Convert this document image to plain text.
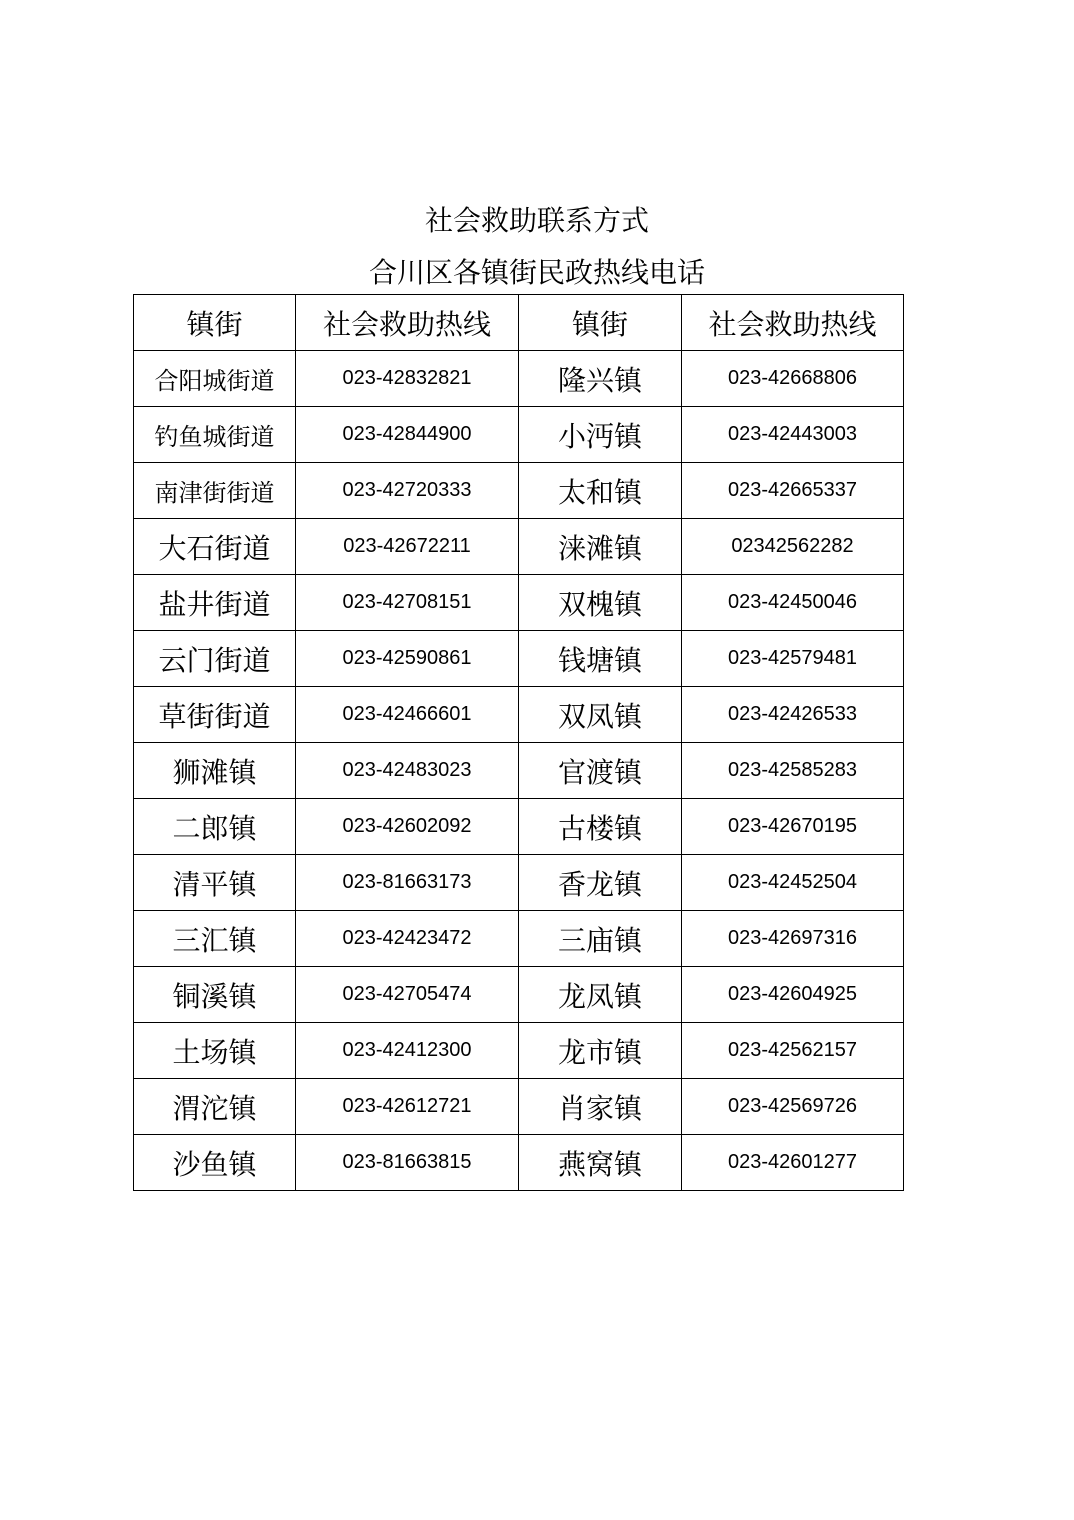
社会救助联系方式
合川区各镇街民政热线电话
镇街	社会救助热线	镇街	社会救助热线
合阳城街道	023-42832821	隆兴镇	023-42668806
钓鱼城街道	023-42844900	小沔镇	023-42443003
南津街街道	023-42720333	太和镇	023-42665337
大石街道	023-42672211	涞滩镇	02342562282
盐井街道	023-42708151	双槐镇	023-42450046
云门街道	023-42590861	钱塘镇	023-42579481
草街街道	023-42466601	双凤镇	023-42426533
狮滩镇	023-42483023	官渡镇	023-42585283
二郎镇	023-42602092	古楼镇	023-42670195
清平镇	023-81663173	香龙镇	023-42452504
三汇镇	023-42423472	三庙镇	023-42697316
铜溪镇	023-42705474	龙凤镇	023-42604925
土场镇	023-42412300	龙市镇	023-42562157
渭沱镇	023-42612721	肖家镇	023-42569726
沙鱼镇	023-81663815	燕窝镇	023-42601277
